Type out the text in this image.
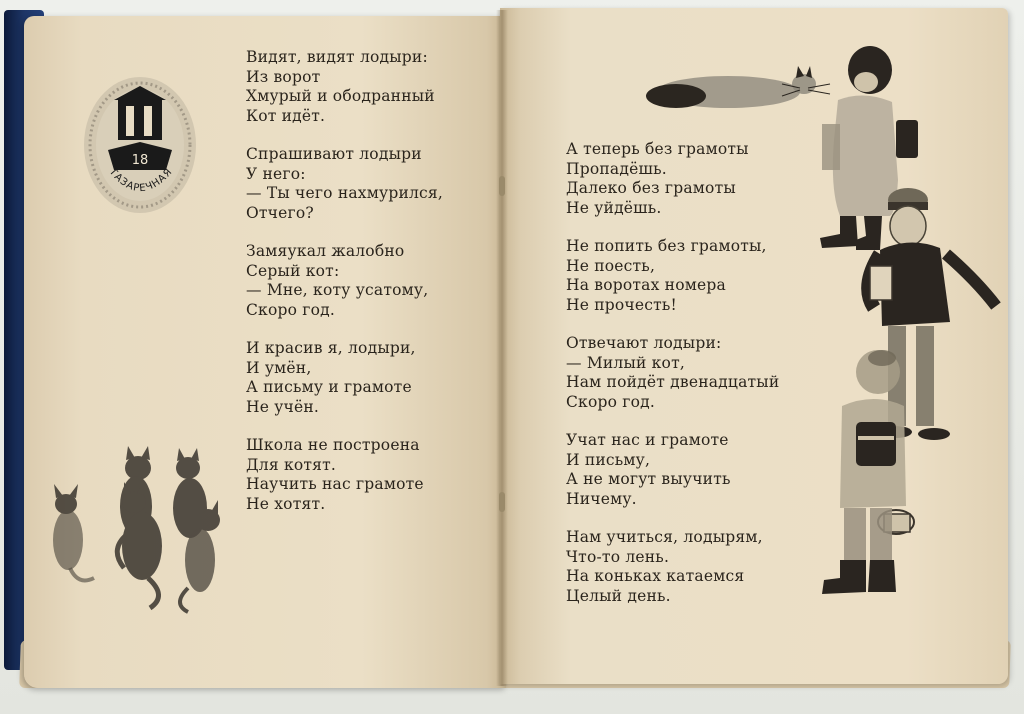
18
ТАЗАРЕЧНАЯ
Видят, видят лодыри:
Из ворот
Хмурый и ободранный
Кот идёт.
Спрашивают лодыри
У него:
— Ты чего нахмурился,
Отчего?
Замяукал жалобно
Серый кот:
— Мне, коту усатому,
Скоро год.
И красив я, лодыри,
И умён,
А письму и грамоте
Не учён.
Школа не построена
Для котят.
Научить нас грамоте
Не хотят.
А теперь без грамоты
Пропадёшь.
Далеко без грамоты
Не уйдёшь.
Не попить без грамоты,
Не поесть,
На воротах номера
Не прочесть!
Отвечают лодыри:
— Милый кот,
Нам пойдёт двенадцатый
Скоро год.
Учат нас и грамоте
И письму,
А не могут выучить
Ничему.
Нам учиться, лодырям,
Что-то лень.
На коньках катаемся
Целый день.
